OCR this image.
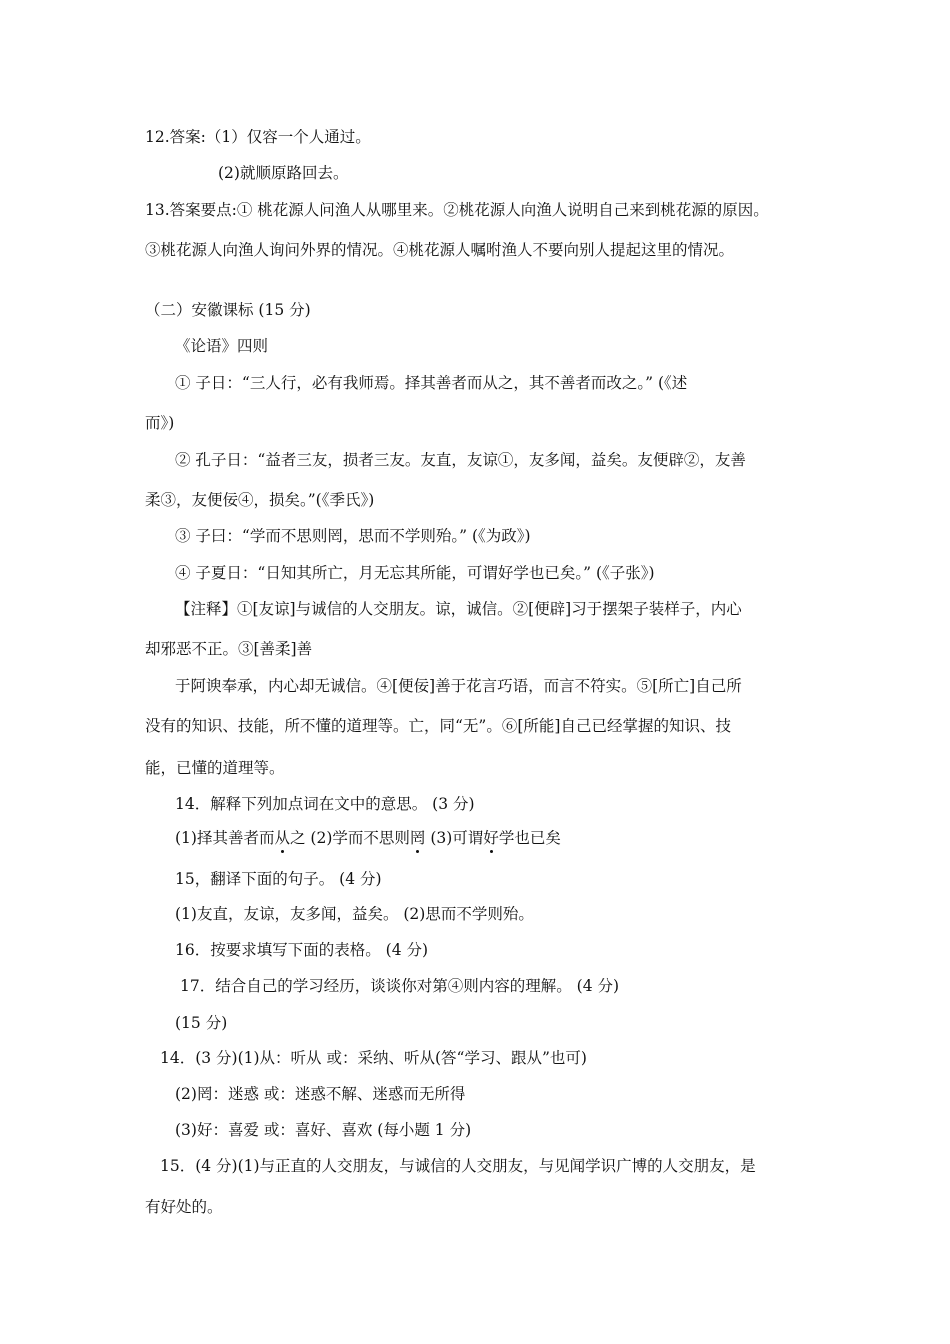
12.答案:（1）仅容一个人通过。
(2)就顺原路回去。
13.答案要点:① 桃花源人问渔人从哪里来。②桃花源人向渔人说明自己来到桃花源的原因。
③桃花源人向渔人询问外界的情况。④桃花源人嘱咐渔人不要向别人提起这里的情况。
（二）安徽课标 (15 分)
《论语》四则
① 子日：“三人行，必有我师焉。择其善者而从之，其不善者而改之。” (《述
而》)
② 孔子日：“益者三友，损者三友。友直，友谅①，友多闻，益矣。友便辟②，友善
柔③，友便佞④，损矣。”(《季氏》)
③ 子曰：“学而不思则罔，思而不学则殆。” (《为政》)
④ 子夏日：“日知其所亡，月无忘其所能，可谓好学也已矣。” (《子张》)
【注释】①[友谅]与诚信的人交朋友。谅，诚信。②[便辟]习于摆架子装样子，内心
却邪恶不正。③[善柔]善
于阿谀奉承，内心却无诚信。④[便佞]善于花言巧语，而言不符实。⑤[所亡]自己所
没有的知识、技能，所不懂的道理等。亡，同“无”。⑥[所能]自己已经掌握的知识、技
能，已懂的道理等。
14．解释下列加点词在文中的意思。 (3 分)
(1)择其善者而从之 (2)学而不思则罔 (3)可谓好学也已矣
15，翻译下面的句子。 (4 分)
(1)友直，友谅，友多闻，益矣。 (2)思而不学则殆。
16．按要求填写下面的表格。 (4 分)
17．结合自己的学习经历，谈谈你对第④则内容的理解。 (4 分)
(15 分)
14．(3 分)(1)从：听从 或：采纳、听从(答“学习、跟从”也可)
(2)罔：迷惑 或：迷惑不解、迷惑而无所得
(3)好：喜爱 或：喜好、喜欢 (每小题 1 分)
15．(4 分)(1)与正直的人交朋友，与诚信的人交朋友，与见闻学识广博的人交朋友，是
有好处的。
